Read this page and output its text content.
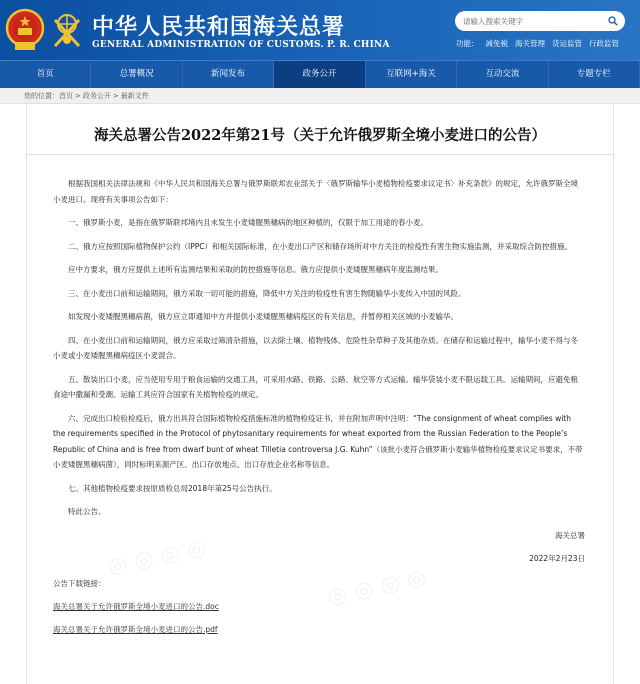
中华人民共和国海关总署
GENERAL ADMINISTRATION OF CUSTOMS. P. R. CHINA
请输入搜索关键字	功能： 减免税 海关管理 货运监管 行政监管
首页	总署概况	新闻发布	政务公开	互联网+海关	互动交流	专题专栏
您的位置：首页 > 政务公开 > 最新文件
◎ ◎ ◎ ◎
◎ ◎ ◎ ◎
海关总署公告2022年第21号（关于允许俄罗斯全境小麦进口的公告）

根据我国相关法律法规和《中华人民共和国海关总署与俄罗斯联邦农业部关于〈俄罗斯输华小麦植物检疫要求议定书〉补充条款》的规定，允许俄罗斯全境小麦进口。现将有关事项公告如下：

一、俄罗斯小麦，是指在俄罗斯联邦境内且未发生小麦矮腥黑穗病的地区种植的，仅限于加工用途的春小麦。

二、俄方应按照国际植物保护公约（IPPC）和相关国际标准，在小麦出口产区和储存场所对中方关注的检疫性有害生物实施监测，并采取综合防控措施。

应中方要求，俄方应提供上述所有监测结果和采取的防控措施等信息。俄方应提供小麦矮腥黑穗病年度监测结果。

三、在小麦出口前和运输期间，俄方采取一切可能的措施，降低中方关注的检疫性有害生物随输华小麦传入中国的风险。

如发现小麦矮腥黑穗病菌，俄方应立即通知中方并提供小麦矮腥黑穗病疫区的有关信息，并暂停相关区域的小麦输华。

四、在小麦出口前和运输期间，俄方应采取过筛清杂措施，以去除土壤、植物残体、危险性杂草种子及其他杂质。在储存和运输过程中，输华小麦不得与冬小麦或小麦矮腥黑穗病疫区小麦混合。

五、散装出口小麦，应当使用专用于粮食运输的交通工具，可采用水路、铁路、公路、航空等方式运输。输华袋装小麦不限运载工具。运输期间，应避免粮食途中撒漏和受潮。运输工具应符合国家有关植物检疫的规定。

六、完成出口检验检疫后，俄方出具符合国际植物检疫措施标准的植物检疫证书，并在附加声明中注明：“The consignment of wheat complies with the requirements specified in the Protocol of phytosanitary requirements for wheat exported from the Russian Federation to the People’s Republic of China and is free from dwarf bunt of wheat Tilletia controversa J.G. Kuhn”（该批小麦符合俄罗斯小麦输华植物检疫要求议定书要求，不带小麦矮腥黑穗病菌），同时标明来源产区、出口存放地点、出口存放企业名称等信息。

七、其他植物检疫要求按原质检总局2018年第25号公告执行。

特此公告。

海关总署
2022年2月23日
公告下载链接：
海关总署关于允许俄罗斯全境小麦进口的公告.doc
海关总署关于允许俄罗斯全境小麦进口的公告.pdf
